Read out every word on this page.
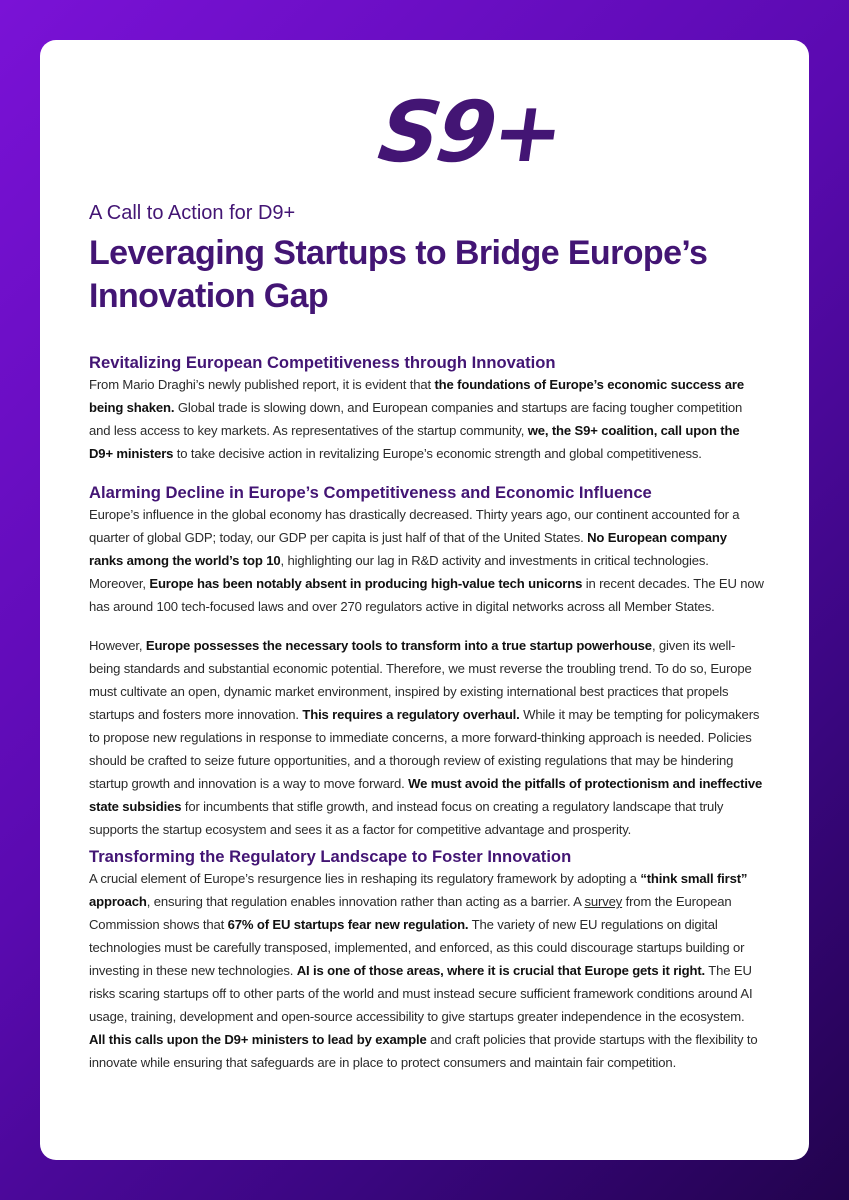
S9+
A Call to Action for D9+
Leveraging Startups to Bridge Europe’s Innovation Gap
Revitalizing European Competitiveness through Innovation

From Mario Draghi’s newly published report, it is evident that the foundations of Europe’s economic success are being shaken. Global trade is slowing down, and European companies and startups are facing tougher competition and less access to key markets. As representatives of the startup community, we, the S9+ coalition, call upon the D9+ ministers to take decisive action in revitalizing Europe’s economic strength and global competitiveness.

Alarming Decline in Europe’s Competitiveness and Economic Influence

Europe’s influence in the global economy has drastically decreased. Thirty years ago, our continent accounted for a quarter of global GDP; today, our GDP per capita is just half of that of the United States. No European company ranks among the world’s top 10, highlighting our lag in R&D activity and investments in critical technologies. Moreover, Europe has been notably absent in producing high-value tech unicorns in recent decades. The EU now has around 100 tech-focused laws and over 270 regulators active in digital networks across all Member States.

However, Europe possesses the necessary tools to transform into a true startup powerhouse, given its well-being standards and substantial economic potential. Therefore, we must reverse the troubling trend. To do so, Europe must cultivate an open, dynamic market environment, inspired by existing international best practices that propels startups and fosters more innovation. This requires a regulatory overhaul. While it may be tempting for policymakers to propose new regulations in response to immediate concerns, a more forward-thinking approach is needed. Policies should be crafted to seize future opportunities, and a thorough review of existing regulations that may be hindering startup growth and innovation is a way to move forward. We must avoid the pitfalls of protectionism and ineffective state subsidies for incumbents that stifle growth, and instead focus on creating a regulatory landscape that truly supports the startup ecosystem and sees it as a factor for competitive advantage and prosperity.

Transforming the Regulatory Landscape to Foster Innovation

A crucial element of Europe’s resurgence lies in reshaping its regulatory framework by adopting a “think small first” approach, ensuring that regulation enables innovation rather than acting as a barrier. A survey from the European Commission shows that 67% of EU startups fear new regulation. The variety of new EU regulations on digital technologies must be carefully transposed, implemented, and enforced, as this could discourage startups building or investing in these new technologies. AI is one of those areas, where it is crucial that Europe gets it right. The EU risks scaring startups off to other parts of the world and must instead secure sufficient framework conditions around AI usage, training, development and open-source accessibility to give startups greater independence in the ecosystem. All this calls upon the D9+ ministers to lead by example and craft policies that provide startups with the flexibility to innovate while ensuring that safeguards are in place to protect consumers and maintain fair competition.
